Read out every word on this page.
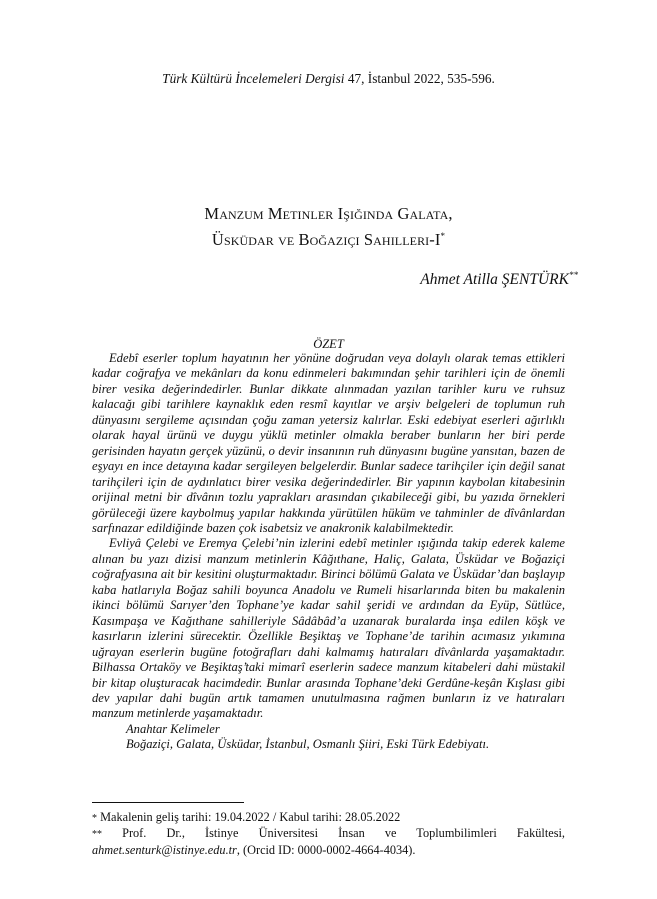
Türk Kültürü İncelemeleri Dergisi 47, İstanbul 2022, 535-596.
Manzum Metinler Işığında Galata,
Üsküdar ve Boğaziçi Sahilleri-I*
Ahmet Atilla ŞENTÜRK**
ÖZET

Edebî eserler toplum hayatının her yönüne doğrudan veya dolaylı olarak temas ettikleri kadar coğrafya ve mekânları da konu edinmeleri bakımından şehir tarihleri için de önemli birer vesika değerindedirler. Bunlar dikkate alınmadan yazılan tarihler kuru ve ruhsuz kalacağı gibi tarihlere kaynaklık eden resmî kayıtlar ve arşiv belgeleri de toplumun ruh dünyasını sergileme açısından çoğu zaman yetersiz kalırlar. Eski edebiyat eserleri ağırlıklı olarak hayal ürünü ve duygu yüklü metinler olmakla beraber bunların her biri perde gerisinden hayatın gerçek yüzünü, o devir insanının ruh dünyasını bugüne yansıtan, bazen de eşyayı en ince detayına kadar sergileyen belgelerdir. Bunlar sadece tarihçiler için değil sanat tarihçileri için de aydınlatıcı birer vesika değerindedirler. Bir yapının kaybolan kitabesinin orijinal metni bir dîvânın tozlu yaprakları arasından çıkabileceği gibi, bu yazıda örnekleri görüleceği üzere kaybolmuş yapılar hakkında yürütülen hüküm ve tahminler de dîvânlardan sarfınazar edildiğinde bazen çok isabetsiz ve anakronik kalabilmektedir.

Evliyâ Çelebi ve Eremya Çelebi’nin izlerini edebî metinler ışığında takip ederek kaleme alınan bu yazı dizisi manzum metinlerin Kâğıthane, Haliç, Galata, Üsküdar ve Boğaziçi coğrafyasına ait bir kesitini oluşturmaktadır. Birinci bölümü Galata ve Üsküdar’dan başlayıp kaba hatlarıyla Boğaz sahili boyunca Anadolu ve Rumeli hisarlarında biten bu makalenin ikinci bölümü Sarıyer’den Tophane’ye kadar sahil şeridi ve ardından da Eyüp, Sütlüce, Kasımpaşa ve Kağıthane sahilleriyle Sâdâbâd’a uzanarak buralarda inşa edilen köşk ve kasırların izlerini sürecektir. Özellikle Beşiktaş ve Tophane’de tarihin acımasız yıkımına uğrayan eserlerin bugüne fotoğrafları dahi kalmamış hatıraları dîvânlarda yaşamaktadır. Bilhassa Ortaköy ve Beşiktaş’taki mimarî eserlerin sadece manzum kitabeleri dahi müstakil bir kitap oluşturacak hacimdedir. Bunlar arasında Tophane’deki Gerdûne-keşân Kışlası gibi dev yapılar dahi bugün artık tamamen unutulmasına rağmen bunların iz ve hatıraları manzum metinlerde yaşamaktadır.

Anahtar Kelimeler

Boğaziçi, Galata, Üsküdar, İstanbul, Osmanlı Şiiri, Eski Türk Edebiyatı.

* Makalenin geliş tarihi: 19.04.2022 / Kabul tarihi: 28.05.2022

** Prof. Dr., İstinye Üniversitesi İnsan ve Toplumbilimleri Fakültesi,

ahmet.senturk@istinye.edu.tr, (Orcid ID: 0000-0002-4664-4034).
